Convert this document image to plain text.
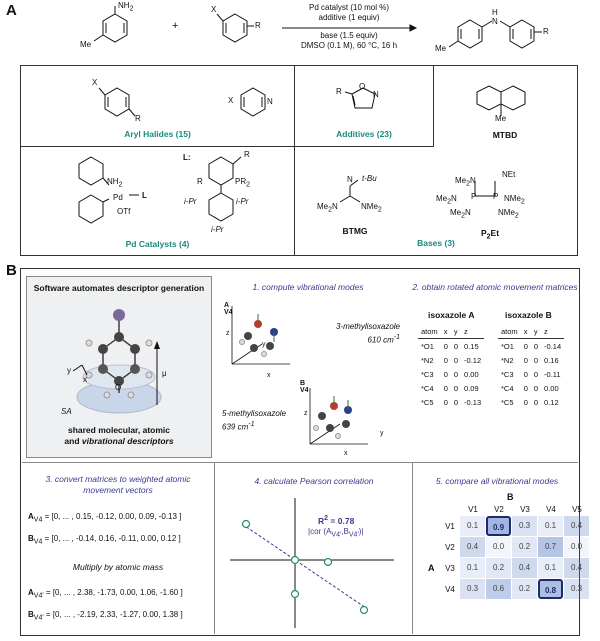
A	$NH_2$
Me
+
X
R
Me
H
N
R
Pd catalyst (10 mol %)
additive (1 equiv)
base (1.5 equiv)
DMSO (0.1 M), 60 °C, 16 h
X
R
X	N
Aryl Halides (15)
R
O
N
Additives (23)
Me
MTBD
$NH_2$
Pd L
OTf
L:	R
R	$PR_2$
i-Pr	i-Pr
i-Pr
Pd Catalysts (4)
t-Bu
N
$Me_2N$	NMe$_2$
BTMG
NEt
$Me_2N$
P P
$Me_2N$	NMe$_2$
$Me_2N$	NMe$_2$
$P_2Et$
Bases (3)
B
Software automates descriptor generation
y
x
O
μ
SA
shared molecular, atomic
and vibrational descriptors
1. compute vibrational modes
A
V4
z
x
y
3-methylisoxazole
610 $cm^{-1}$
B
V4
z
x
y
5-methylisoxazole
639 $cm^{-1}$
2. obtain rotated atomic movement matrices
isoxazole A	isoxazole B
atom	x	y	z
*O1	0	0	0.15
*N2	0	0	-0.12
*C3	0	0	0.00
*C4	0	0	0.09
*C5	0	0	-0.13
atom	x	y	z
*O1	0	0	-0.14
*N2	0	0	0.16
*C3	0	0	-0.11
*C4	0	0	0.00
*C5	0	0	0.12
3. convert matrices to weighted atomic movement vectors
$A_{V4} = [0$, ... , 0.15, -0.12, 0.00, 0.09, -0.13 ]
$B_{V4} = [0$, ... , -0.14, 0.16, -0.11, 0.00, 0.12 ]
Multiply by atomic mass
$A_{V4'} = [0$, ... , 2.38, -1.73, 0.00, 1.06, -1.60 ]
$B_{V4'} = [0$, ... , -2.19, 2.33, -1.27, 0.00, 1.38 ]
4. calculate Pearson correlation
$R^2 = 0.78$
|cor $(A_{V4'},B_{V4'})|$
5. compare all vibrational modes
B
A
V1	V2	V3	V4	V5
V1	0.1	0.9	0.3	0.1	0.4
V2	0.4	0.0	0.2	0.7	0.0
V3	0.1	0.2	0.4	0.1	0.4
V4	0.3	0.6	0.2	0.8	0.3
